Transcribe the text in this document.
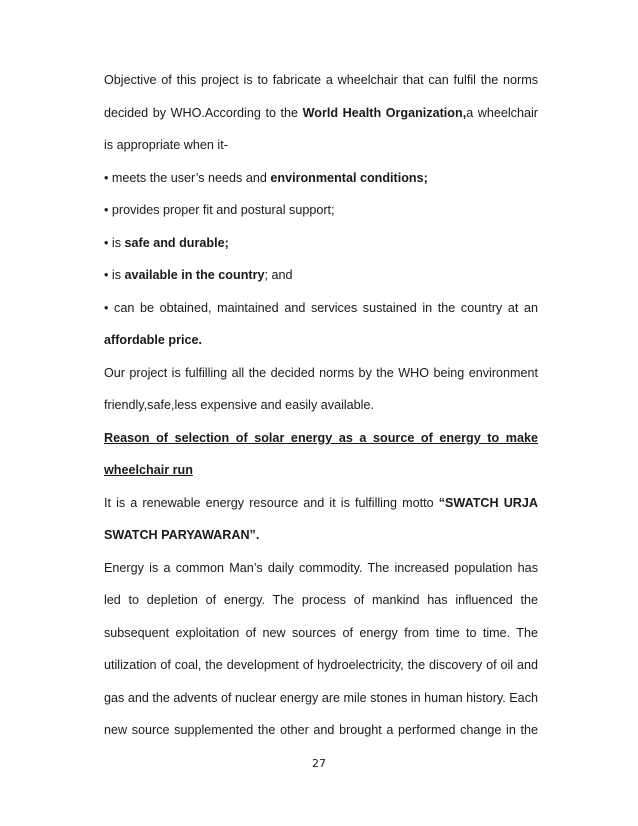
Objective of this project is to fabricate a wheelchair that can fulfil the norms
decided by WHO.According to the World Health Organization,a wheelchair
is appropriate when it-
• meets the user’s needs and environmental conditions;
• provides proper fit and postural support;
• is safe and durable;
• is available in the country; and
• can be obtained, maintained and services sustained in the country at an
affordable price.
Our project is fulfilling all the decided norms by the WHO being environment
friendly,safe,less expensive and easily available.
Reason of selection of solar energy as a source of energy to make
wheelchair run
It is a renewable energy resource and it is fulfilling motto “SWATCH URJA
SWATCH PARYAWARAN”.
Energy is a common Man’s daily commodity. The increased population has
led to depletion of energy. The process of mankind has influenced the
subsequent exploitation of new sources of energy from time to time. The
utilization of coal, the development of hydroelectricity, the discovery of oil and
gas and the advents of nuclear energy are mile stones in human history. Each
new source supplemented the other and brought a performed change in the
27
